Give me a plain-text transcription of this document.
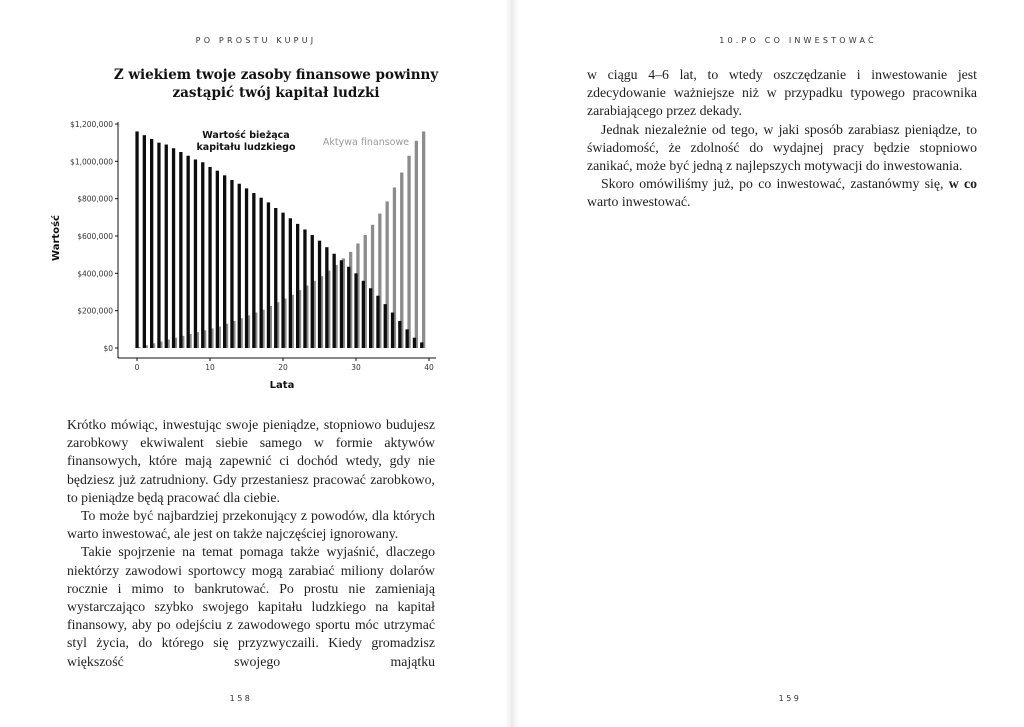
PO PROSTU KUPUJ
Z wiekiem twoje zasoby finansowe powinny zastąpić twój kapitał ludzki
$0
$200,000
$400,000
$600,000
$800,000
$1,000,000
$1,200,000
0	10	20	30	40
Wartość bieżąca kapitału ludzkiego	Aktywa finansowe
Lata
Wartość

Krótko mówiąc, inwestując swoje pieniądze, stopniowo budujesz zarobkowy ekwiwalent siebie samego w formie aktywów finansowych, które mają zapewnić ci dochód wtedy, gdy nie będziesz już zatrudniony. Gdy przestaniesz pracować zarobkowo, to pieniądze będą pracować dla ciebie.

To może być najbardziej przekonujący z powodów, dla których warto inwestować, ale jest on także najczęściej ignorowany.

Takie spojrzenie na temat pomaga także wyjaśnić, dlaczego niektórzy zawodowi sportowcy mogą zarabiać miliony dolarów rocznie i mimo to bankrutować. Po prostu nie zamieniają wystarczająco szybko swojego kapitału ludzkiego na kapitał finansowy, aby po odejściu z zawodowego sportu móc utrzymać styl życia, do którego się przyzwyczaili. Kiedy gromadzisz większość swojego majątku

158
10.PO CO INWESTOWAĆ

w ciągu 4–6 lat, to wtedy oszczędzanie i inwestowanie jest zdecydowanie ważniejsze niż w przypadku typowego pracownika zarabiającego przez dekady.

Jednak niezależnie od tego, w jaki sposób zarabiasz pieniądze, to świadomość, że zdolność do wydajnej pracy będzie stopniowo zanikać, może być jedną z najlepszych motywacji do inwestowania.

Skoro omówiliśmy już, po co inwestować, zastanówmy się, w co warto inwestować.

159
